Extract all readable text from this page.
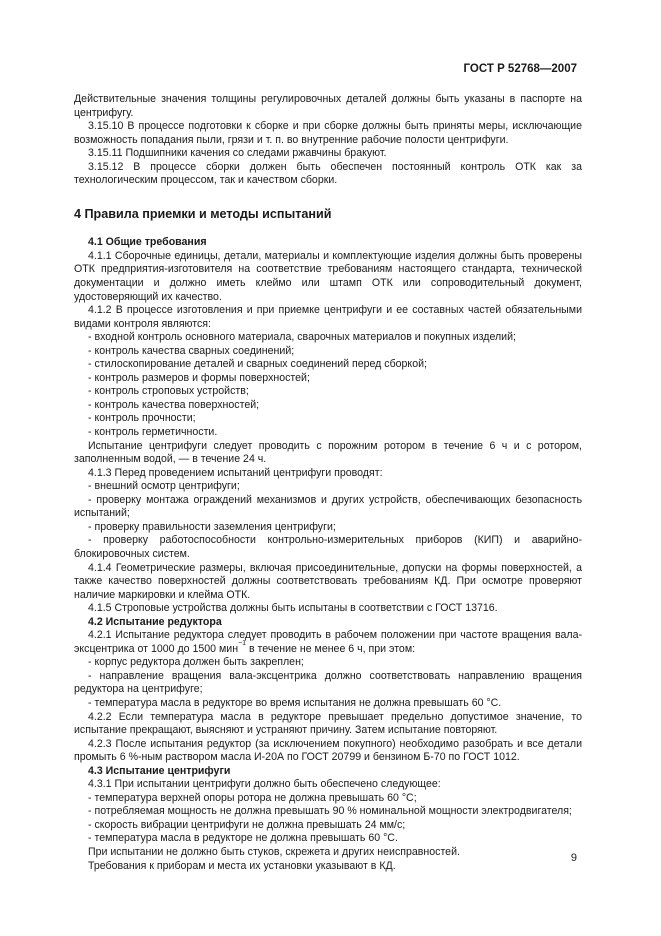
ГОСТ Р 52768—2007

Действительные значения толщины регулировочных деталей должны быть указаны в паспорте на центрифугу.

3.15.10 В процессе подготовки к сборке и при сборке должны быть приняты меры, исключающие возможность попадания пыли, грязи и т. п. во внутренние рабочие полости центрифуги.

3.15.11 Подшипники качения со следами ржавчины бракуют.

3.15.12 В процессе сборки должен быть обеспечен постоянный контроль ОТК как за технологическим процессом, так и качеством сборки.

4 Правила приемки и методы испытаний

4.1 Общие требования

4.1.1 Сборочные единицы, детали, материалы и комплектующие изделия должны быть проверены ОТК предприятия-изготовителя на соответствие требованиям настоящего стандарта, технической документации и должно иметь клеймо или штамп ОТК или сопроводительный документ, удостоверяющий их качество.

4.1.2 В процессе изготовления и при приемке центрифуги и ее составных частей обязательными видами контроля являются:

- входной контроль основного материала, сварочных материалов и покупных изделий;

- контроль качества сварных соединений;

- стилоскопирование деталей и сварных соединений перед сборкой;

- контроль размеров и формы поверхностей;

- контроль строповых устройств;

- контроль качества поверхностей;

- контроль прочности;

- контроль герметичности.

Испытание центрифуги следует проводить с порожним ротором в течение 6 ч и с ротором, заполненным водой, — в течение 24 ч.

4.1.3 Перед проведением испытаний центрифуги проводят:

- внешний осмотр центрифуги;

- проверку монтажа ограждений механизмов и других устройств, обеспечивающих безопасность испытаний;

- проверку правильности заземления центрифуги;

- проверку работоспособности контрольно-измерительных приборов (КИП) и аварийно-блокировочных систем.

4.1.4 Геометрические размеры, включая присоединительные, допуски на формы поверхностей, а также качество поверхностей должны соответствовать требованиям КД. При осмотре проверяют наличие маркировки и клейма ОТК.

4.1.5 Строповые устройства должны быть испытаны в соответствии с ГОСТ 13716.

4.2 Испытание редуктора

4.2.1 Испытание редуктора следует проводить в рабочем положении при частоте вращения вала-эксцентрика от 1000 до 1500 мин$^{-1}$ в течение не менее 6 ч, при этом:

- корпус редуктора должен быть закреплен;

- направление вращения вала-эксцентрика должно соответствовать направлению вращения редуктора на центрифуге;

- температура масла в редукторе во время испытания не должна превышать 60 °С.

4.2.2 Если температура масла в редукторе превышает предельно допустимое значение, то испытание прекращают, выясняют и устраняют причину. Затем испытание повторяют.

4.2.3 После испытания редуктор (за исключением покупного) необходимо разобрать и все детали промыть 6 %-ным раствором масла И-20А по ГОСТ 20799 и бензином Б-70 по ГОСТ 1012.

4.3 Испытание центрифуги

4.3.1 При испытании центрифуги должно быть обеспечено следующее:

- температура верхней опоры ротора не должна превышать 60 °С;

- потребляемая мощность не должна превышать 90 % номинальной мощности электродвигателя;

- скорость вибрации центрифуги не должна превышать 24 мм/с;

- температура масла в редукторе не должна превышать 60 °С.

При испытании не должно быть стуков, скрежета и других неисправностей.

Требования к приборам и места их установки указывают в КД.

9
